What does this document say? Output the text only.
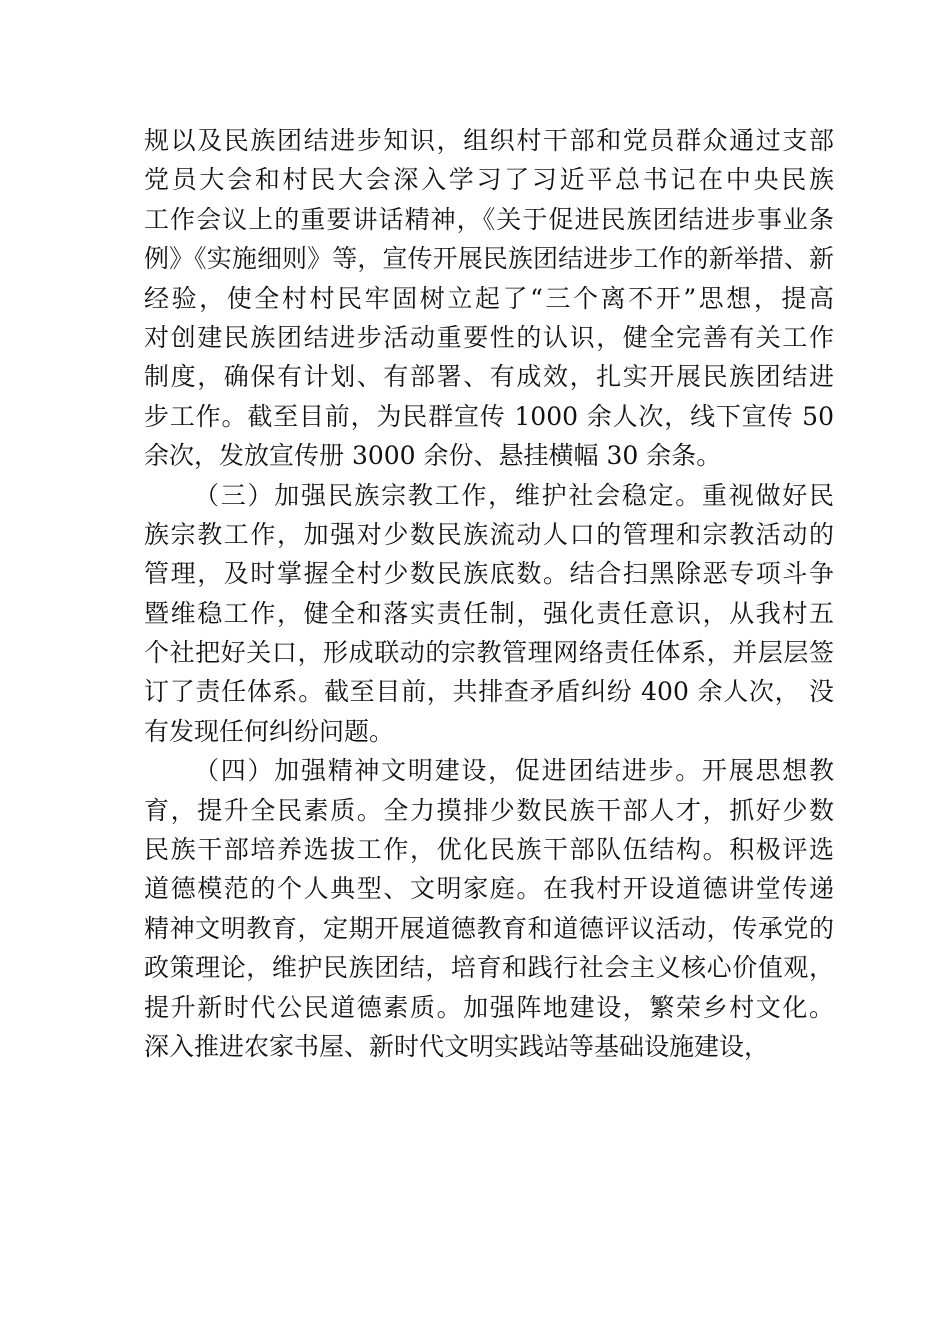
规以及民族团结进步知识，组织村干部和党员群众通过支部
党员大会和村民大会深入学习了习近平总书记在中央民族
工作会议上的重要讲话精神，《关于促进民族团结进步事业条
例》《实施细则》等，宣传开展民族团结进步工作的新举措、新
经验，使全村村民牢固树立起了“三个离不开”思想，提高
对创建民族团结进步活动重要性的认识，健全完善有关工作
制度，确保有计划、有部署、有成效，扎实开展民族团结进
步工作。截至目前，为民群宣传 1000 余人次，线下宣传 50
余次，发放宣传册 3000 余份、悬挂横幅 30 余条。
（三）加强民族宗教工作，维护社会稳定。重视做好民
族宗教工作，加强对少数民族流动人口的管理和宗教活动的
管理，及时掌握全村少数民族底数。结合扫黑除恶专项斗争
暨维稳工作，健全和落实责任制，强化责任意识，从我村五
个社把好关口，形成联动的宗教管理网络责任体系，并层层签
订了责任体系。截至目前，共排查矛盾纠纷 400 余人次， 没
有发现任何纠纷问题。
（四）加强精神文明建设，促进团结进步。开展思想教
育，提升全民素质。全力摸排少数民族干部人才，抓好少数
民族干部培养选拔工作，优化民族干部队伍结构。积极评选
道德模范的个人典型、文明家庭。在我村开设道德讲堂传递
精神文明教育，定期开展道德教育和道德评议活动，传承党的
政策理论，维护民族团结，培育和践行社会主义核心价值观，
提升新时代公民道德素质。加强阵地建设，繁荣乡村文化。
深入推进农家书屋、新时代文明实践站等基础设施建设，
